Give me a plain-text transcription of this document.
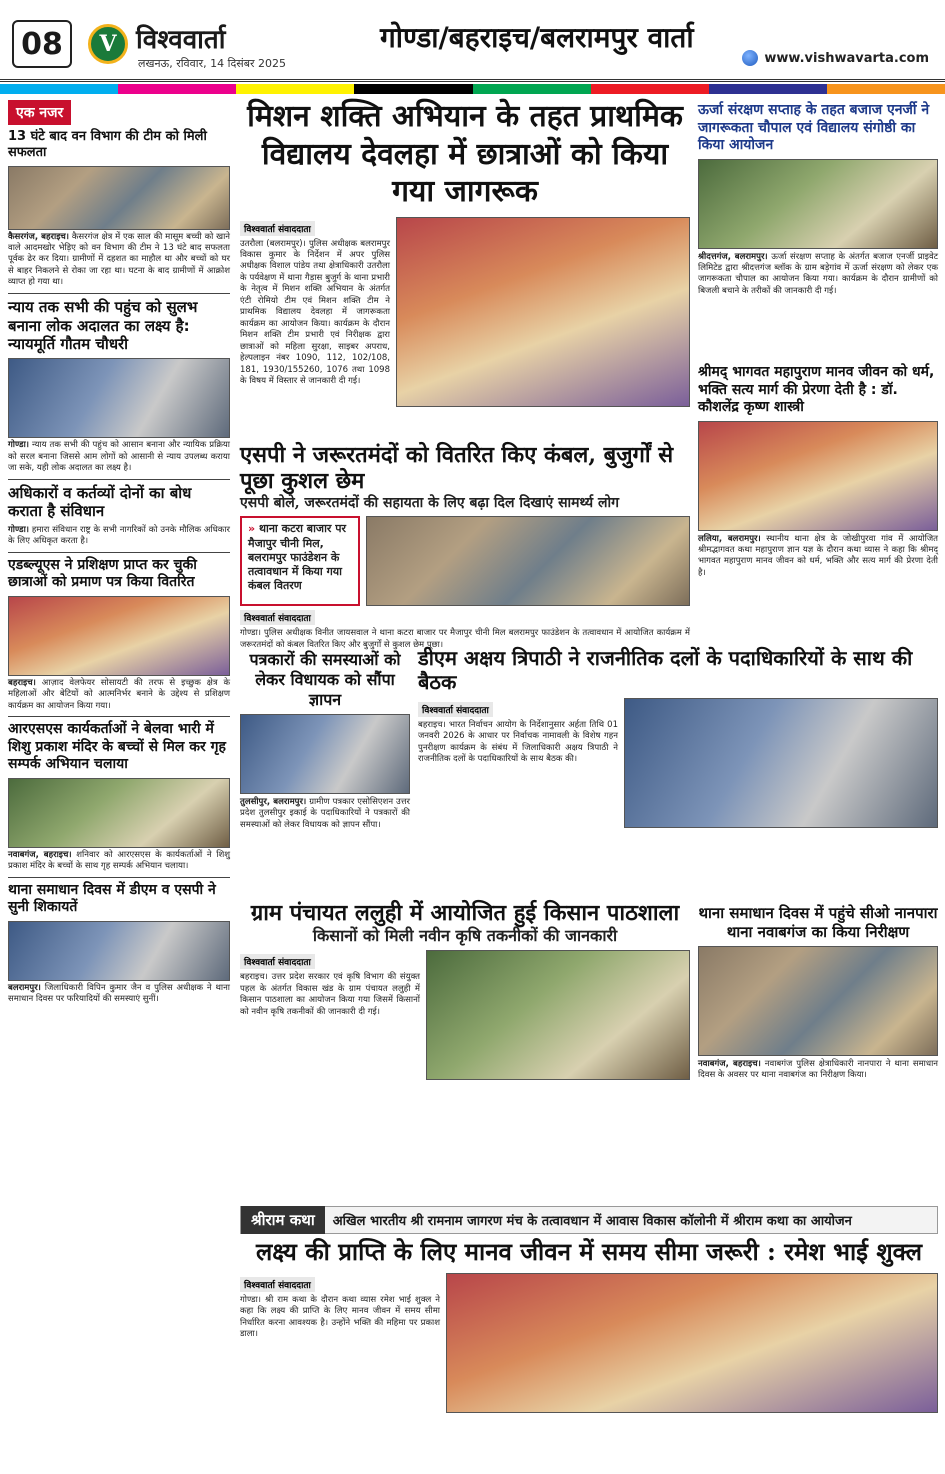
08	V विश्ववार्ता
लखनऊ, रविवार, 14 दिसंबर 2025
गोण्डा/बहराइच/बलरामपुर वार्ता
www.vishwavarta.com
एक नजर
13 घंटे बाद वन विभाग की टीम को मिली सफलता
कैसरगंज, बहराइच। कैसरगंज क्षेत्र में एक साल की मासूम बच्ची को खाने वाले आदमखोर भेड़िए को वन विभाग की टीम ने 13 घंटे बाद सफलता पूर्वक ढेर कर दिया। ग्रामीणों में दहशत का माहौल था और बच्चों को घर से बाहर निकलने से रोका जा रहा था। घटना के बाद ग्रामीणों में आक्रोश व्याप्त हो गया था।
न्याय तक सभी की पहुंच को सुलभ बनाना लोक अदालत का लक्ष्य है: न्यायमूर्ति गौतम चौधरी
गोण्डा। न्याय तक सभी की पहुंच को आसान बनाना और न्यायिक प्रक्रिया को सरल बनाना जिससे आम लोगों को आसानी से न्याय उपलब्ध कराया जा सके, यही लोक अदालत का लक्ष्य है।
अधिकारों व कर्तव्यों दोनों का बोध कराता है संविधान
गोण्डा। हमारा संविधान राष्ट्र के सभी नागरिकों को उनके मौलिक अधिकार के लिए अधिकृत करता है।
एडब्ल्यूएस ने प्रशिक्षण प्राप्त कर चुकी छात्राओं को प्रमाण पत्र किया वितरित
बहराइच। आज़ाद वेलफेयर सोसायटी की तरफ से इच्छुक क्षेत्र के महिलाओं और बेटियों को आत्मनिर्भर बनाने के उद्देश्य से प्रशिक्षण कार्यक्रम का आयोजन किया गया।
आरएसएस कार्यकर्ताओं ने बेलवा भारी में शिशु प्रकाश मंदिर के बच्चों से मिल कर गृह सम्पर्क अभियान चलाया
नवाबगंज, बहराइच। शनिवार को आरएसएस के कार्यकर्ताओं ने शिशु प्रकाश मंदिर के बच्चों के साथ गृह सम्पर्क अभियान चलाया।
थाना समाधान दिवस में डीएम व एसपी ने सुनी शिकायतें
बलरामपुर। जिलाधिकारी विपिन कुमार जैन व पुलिस अधीक्षक ने थाना समाधान दिवस पर फरियादियों की समस्याएं सुनीं।
मिशन शक्ति अभियान के तहत प्राथमिक विद्यालय देवलहा में छात्राओं को किया गया जागरूक
विश्ववार्ता संवाददाता
उतरौला (बलरामपुर)। पुलिस अधीक्षक बलरामपुर विकास कुमार के निर्देशन में अपर पुलिस अधीक्षक विशाल पांडेय तथा क्षेत्राधिकारी उतरौला के पर्यवेक्षण में थाना गैड़ास बुजुर्ग के थाना प्रभारी के नेतृत्व में मिशन शक्ति अभियान के अंतर्गत एंटी रोमियो टीम एवं मिशन शक्ति टीम ने प्राथमिक विद्यालय देवलहा में जागरूकता कार्यक्रम का आयोजन किया। कार्यक्रम के दौरान मिशन शक्ति टीम प्रभारी एवं निरीक्षक द्वारा छात्राओं को महिला सुरक्षा, साइबर अपराध, हेल्पलाइन नंबर 1090, 112, 102/108, 181, 1930/155260, 1076 तथा 1098 के विषय में विस्तार से जानकारी दी गई।
ऊर्जा संरक्षण सप्ताह के तहत बजाज एनर्जी ने जागरूकता चौपाल एवं विद्यालय संगोष्ठी का किया आयोजन
श्रीदत्तगंज, बलरामपुर। ऊर्जा संरक्षण सप्ताह के अंतर्गत बजाज एनर्जी प्राइवेट लिमिटेड द्वारा श्रीदत्तगंज ब्लॉक के ग्राम बड़ेगांव में ऊर्जा संरक्षण को लेकर एक जागरूकता चौपाल का आयोजन किया गया। कार्यक्रम के दौरान ग्रामीणों को बिजली बचाने के तरीकों की जानकारी दी गई।
श्रीमद् भागवत महापुराण मानव जीवन को धर्म, भक्ति सत्य मार्ग की प्रेरणा देती है : डॉ. कौशलेंद्र कृष्ण शास्त्री
ललिया, बलरामपुर। स्थानीय थाना क्षेत्र के जोखीपुरवा गांव में आयोजित श्रीमद्भागवत कथा महापुराण ज्ञान यज्ञ के दौरान कथा व्यास ने कहा कि श्रीमद् भागवत महापुराण मानव जीवन को धर्म, भक्ति और सत्य मार्ग की प्रेरणा देती है।
एसपी ने जरूरतमंदों को वितरित किए कंबल, बुजुर्गों से पूछा कुशल छेम
एसपी बोले, जरूरतमंदों की सहायता के लिए बढ़ा दिल दिखाएं सामर्थ्य लोग
» थाना कटरा बाजार पर मैजापुर चीनी मिल, बलरामपुर फाउंडेशन के तत्वावधान में किया गया कंबल वितरण
विश्ववार्ता संवाददाता
गोण्डा। पुलिस अधीक्षक विनीत जायसवाल ने थाना कटरा बाजार पर मैजापुर चीनी मिल बलरामपुर फाउंडेशन के तत्वावधान में आयोजित कार्यक्रम में जरूरतमंदों को कंबल वितरित किए और बुजुर्गों से कुशल छेम पूछा।
पत्रकारों की समस्याओं को लेकर विधायक को सौंपा ज्ञापन
तुलसीपुर, बलरामपुर। ग्रामीण पत्रकार एसोसिएशन उत्तर प्रदेश तुलसीपुर इकाई के पदाधिकारियों ने पत्रकारों की समस्याओं को लेकर विधायक को ज्ञापन सौंपा।
डीएम अक्षय त्रिपाठी ने राजनीतिक दलों के पदाधिकारियों के साथ की बैठक
विश्ववार्ता संवाददाता
बहराइच। भारत निर्वाचन आयोग के निर्देशानुसार अर्हता तिथि 01 जनवरी 2026 के आधार पर निर्वाचक नामावली के विशेष गहन पुनरीक्षण कार्यक्रम के संबंध में जिलाधिकारी अक्षय त्रिपाठी ने राजनीतिक दलों के पदाधिकारियों के साथ बैठक की।
ग्राम पंचायत ललुही में आयोजित हुई किसान पाठशाला
किसानों को मिली नवीन कृषि तकनीकों की जानकारी
विश्ववार्ता संवाददाता
बहराइच। उत्तर प्रदेश सरकार एवं कृषि विभाग की संयुक्त पहल के अंतर्गत विकास खंड के ग्राम पंचायत ललुही में किसान पाठशाला का आयोजन किया गया जिसमें किसानों को नवीन कृषि तकनीकों की जानकारी दी गई।
थाना समाधान दिवस में पहुंचे सीओ नानपारा थाना नवाबगंज का किया निरीक्षण
नवाबगंज, बहराइच। नवाबगंज पुलिस क्षेत्राधिकारी नानपारा ने थाना समाधान दिवस के अवसर पर थाना नवाबगंज का निरीक्षण किया।
श्रीराम कथा	अखिल भारतीय श्री रामनाम जागरण मंच के तत्वावधान में आवास विकास कॉलोनी में श्रीराम कथा का आयोजन
लक्ष्य की प्राप्ति के लिए मानव जीवन में समय सीमा जरूरी : रमेश भाई शुक्ल
विश्ववार्ता संवाददाता
गोण्डा। श्री राम कथा के दौरान कथा व्यास रमेश भाई शुक्ल ने कहा कि लक्ष्य की प्राप्ति के लिए मानव जीवन में समय सीमा निर्धारित करना आवश्यक है। उन्होंने भक्ति की महिमा पर प्रकाश डाला।
